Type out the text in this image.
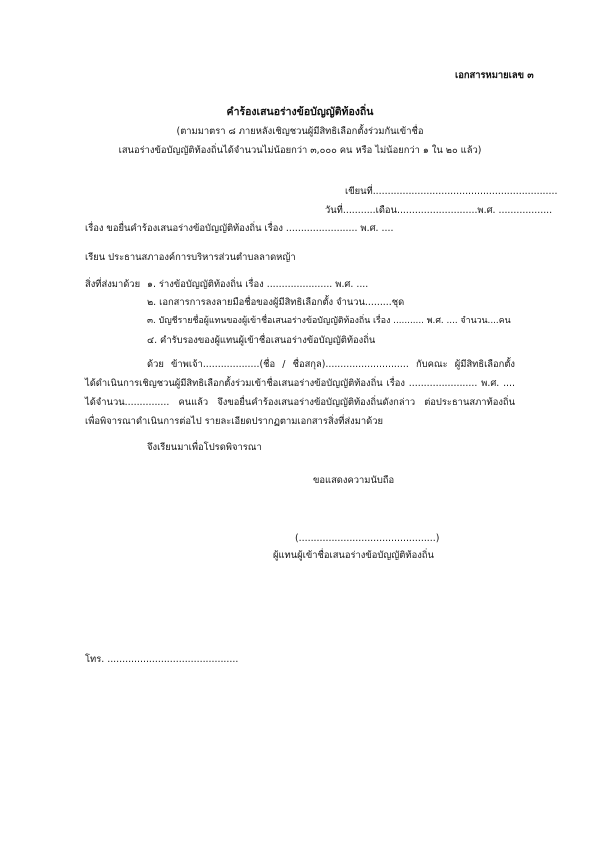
เอกสารหมายเลข ๓
คำร้องเสนอร่างข้อบัญญัติท้องถิ่น
(ตามมาตรา ๘ ภายหลังเชิญชวนผู้มีสิทธิเลือกตั้งร่วมกันเข้าชื่อ
เสนอร่างข้อบัญญัติท้องถิ่นได้จำนวนไม่น้อยกว่า ๓,๐๐๐ คน หรือ ไม่น้อยกว่า ๑ ใน ๒๐ แล้ว)
เขียนที่..............................................................
วันที่...........เดือน...........................พ.ศ. ..................
เรื่อง ขอยื่นคำร้องเสนอร่างข้อบัญญัติท้องถิ่น เรื่อง ........................ พ.ศ. ....
เรียน ประธานสภาองค์การบริหารส่วนตำบลลาดหญ้า
สิ่งที่ส่งมาด้วย ๑. ร่างข้อบัญญัติท้องถิ่น เรื่อง ...................... พ.ศ. ....
๒. เอกสารการลงลายมือชื่อของผู้มีสิทธิเลือกตั้ง จำนวน.........ชุด
๓. บัญชีรายชื่อผู้แทนของผู้เข้าชื่อเสนอร่างข้อบัญญัติท้องถิ่น เรื่อง ........... พ.ศ. .... จำนวน....คน
๔. คำรับรองของผู้แทนผู้เข้าชื่อเสนอร่างข้อบัญญัติท้องถิ่น
ด้วย ข้าพเจ้า...................(ชื่อ / ชื่อสกุล)............................ กับคณะ ผู้มีสิทธิเลือกตั้ง
ได้ดำเนินการเชิญชวนผู้มีสิทธิเลือกตั้งร่วมเข้าชื่อเสนอร่างข้อบัญญัติท้องถิ่น เรื่อง ....................... พ.ศ. ....
ได้จำนวน............... คนแล้ว จึงขอยื่นคำร้องเสนอร่างข้อบัญญัติท้องถิ่นดังกล่าว ต่อประธานสภาท้องถิ่น
เพื่อพิจารณาดำเนินการต่อไป รายละเอียดปรากฏตามเอกสารสิ่งที่ส่งมาด้วย
จึงเรียนมาเพื่อโปรดพิจารณา
ขอแสดงความนับถือ
(..............................................)
ผู้แทนผู้เข้าชื่อเสนอร่างข้อบัญญัติท้องถิ่น
โทร. ............................................
